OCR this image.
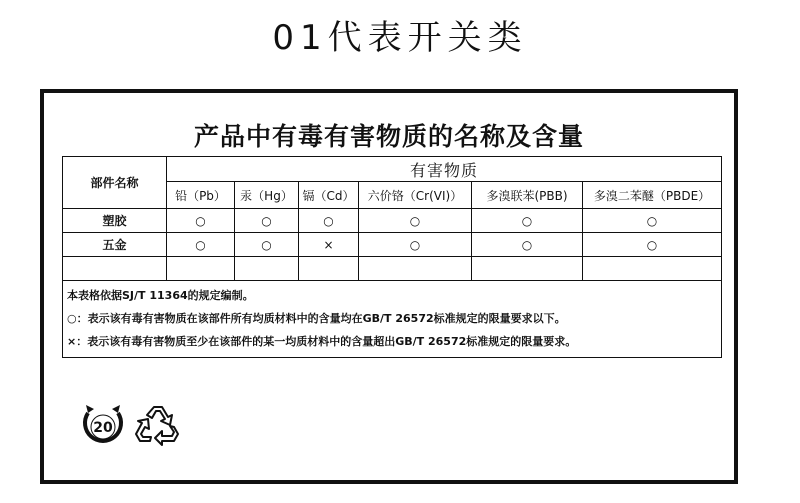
01代表开关类
产品中有毒有害物质的名称及含量
部件名称	有害物质					
	铅（Pb）	汞（Hg）	镉（Cd）	六价铬（Cr(VI)）	多溴联苯(PBB)	多溴二苯醚（PBDE）
塑胶	○	○	○	○	○	○
五金	○	○	×	○	○	○

本表格依据SJ/T 11364的规定编制。
○：表示该有毒有害物质在该部件所有均质材料中的含量均在GB/T 26572标准规定的限量要求以下。
×：表示该有毒有害物质至少在该部件的某一均质材料中的含量超出GB/T 26572标准规定的限量要求。						
20
